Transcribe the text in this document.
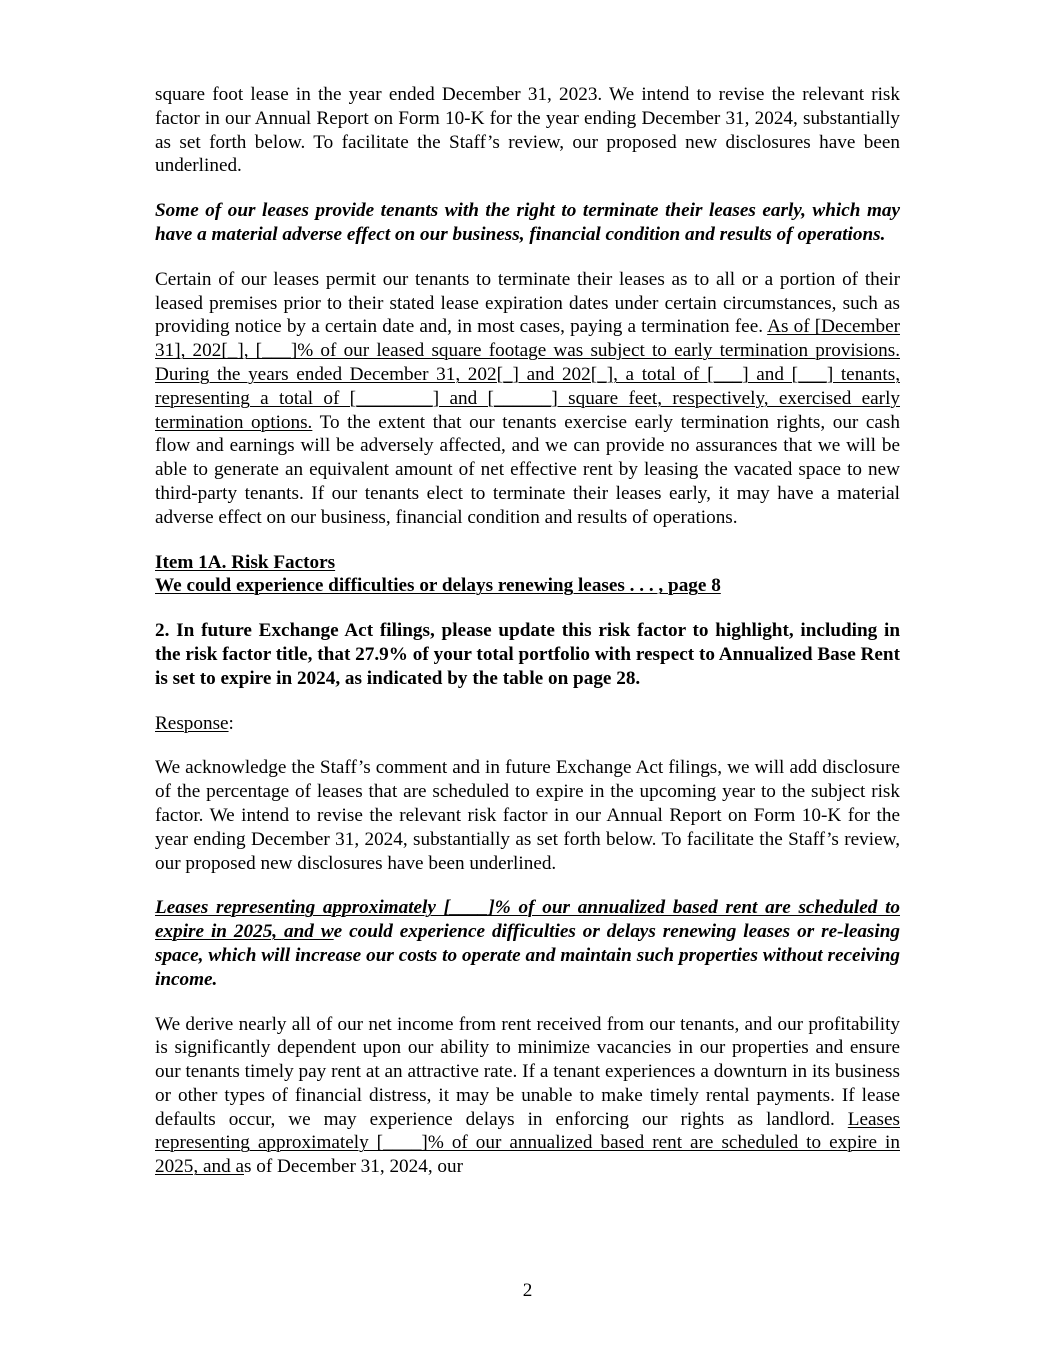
square foot lease in the year ended December 31, 2023. We intend to revise the relevant risk factor in our Annual Report on Form 10-K for the year ending December 31, 2024, substantially as set forth below. To facilitate the Staff’s review, our proposed new disclosures have been underlined.

Some of our leases provide tenants with the right to terminate their leases early, which may have a material adverse effect on our business, financial condition and results of operations.

Certain of our leases permit our tenants to terminate their leases as to all or a portion of their leased premises prior to their stated lease expiration dates under certain circumstances, such as providing notice by a certain date and, in most cases, paying a termination fee. As of [December 31], 202[_], [___]% of our leased square footage was subject to early termination provisions. During the years ended December 31, 202[_] and 202[_], a total of [___] and [___] tenants, representing a total of [________] and [______] square feet, respectively, exercised early termination options. To the extent that our tenants exercise early termination rights, our cash flow and earnings will be adversely affected, and we can provide no assurances that we will be able to generate an equivalent amount of net effective rent by leasing the vacated space to new third-party tenants. If our tenants elect to terminate their leases early, it may have a material adverse effect on our business, financial condition and results of operations.

Item 1A. Risk Factors
We could experience difficulties or delays renewing leases . . . , page 8

2. In future Exchange Act filings, please update this risk factor to highlight, including in the risk factor title, that 27.9% of your total portfolio with respect to Annualized Base Rent is set to expire in 2024, as indicated by the table on page 28.

Response:

We acknowledge the Staff’s comment and in future Exchange Act filings, we will add disclosure of the percentage of leases that are scheduled to expire in the upcoming year to the subject risk factor. We intend to revise the relevant risk factor in our Annual Report on Form 10-K for the year ending December 31, 2024, substantially as set forth below. To facilitate the Staff’s review, our proposed new disclosures have been underlined.

Leases representing approximately [____]% of our annualized based rent are scheduled to expire in 2025, and we could experience difficulties or delays renewing leases or re-leasing space, which will increase our costs to operate and maintain such properties without receiving income.

We derive nearly all of our net income from rent received from our tenants, and our profitability is significantly dependent upon our ability to minimize vacancies in our properties and ensure our tenants timely pay rent at an attractive rate. If a tenant experiences a downturn in its business or other types of financial distress, it may be unable to make timely rental payments. If lease defaults occur, we may experience delays in enforcing our rights as landlord. Leases representing approximately [____]% of our annualized based rent are scheduled to expire in 2025, and as of December 31, 2024, our

2
